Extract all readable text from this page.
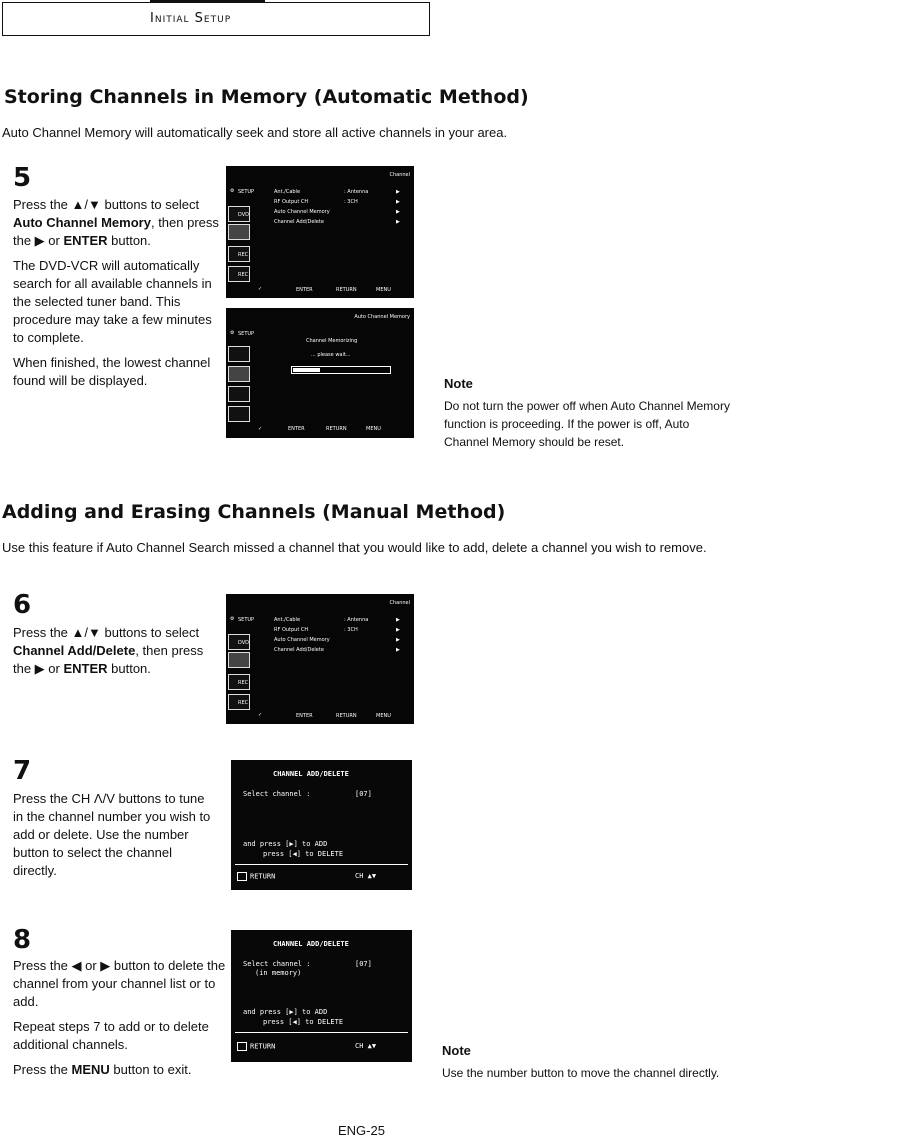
Initial Setup
Storing Channels in Memory (Automatic Method)
Auto Channel Memory will automatically seek and store all active channels in your area.
5

Press the ▲/▼ buttons to select Auto Channel Memory, then press the ▶ or ENTER button.

The DVD-VCR will automatically search for all available channels in the selected tuner band. This procedure may take a few minutes to complete.

When finished, the lowest channel found will be displayed.

Channel
⚙ SETUP	Ant./Cable	: Antenna	▶
RF Output CH	: 3CH	▶
Auto Channel Memory	▶
Channel Add/Delete	▶
DVD
REC
REC
✓	ENTER	RETURN	MENU
Auto Channel Memory
⚙ SETUP
Channel Memorizing
... please wait...
✓	ENTER	RETURN	MENU
Note
Do not turn the power off when Auto Channel Memory function is proceeding. If the power is off, Auto Channel Memory should be reset.
Adding and Erasing Channels (Manual Method)
Use this feature if Auto Channel Search missed a channel that you would like to add, delete a channel you wish to remove.
6

Press the ▲/▼ buttons to select Channel Add/Delete, then press the ▶ or ENTER button.

Channel
⚙ SETUP	Ant./Cable	: Antenna	▶
RF Output CH	: 3CH	▶
Auto Channel Memory	▶
Channel Add/Delete	▶
DVD
REC
REC
✓	ENTER	RETURN	MENU
7

Press the CH Λ/V buttons to tune in the channel number you wish to add or delete. Use the number button to select the channel directly.

CHANNEL ADD/DELETE
Select channel :	[07]
and press [▶] to ADD
press [◀] to DELETE
RETURN	CH ▲▼
8

Press the ◀ or ▶ button to delete the channel from your channel list or to add.

Repeat steps 7 to add or to delete additional channels.

Press the MENU button to exit.

CHANNEL ADD/DELETE
Select channel :	[07]
(in memory)
and press [▶] to ADD
press [◀] to DELETE
RETURN	CH ▲▼	Note
Use the number button to move the channel directly.
ENG-25
